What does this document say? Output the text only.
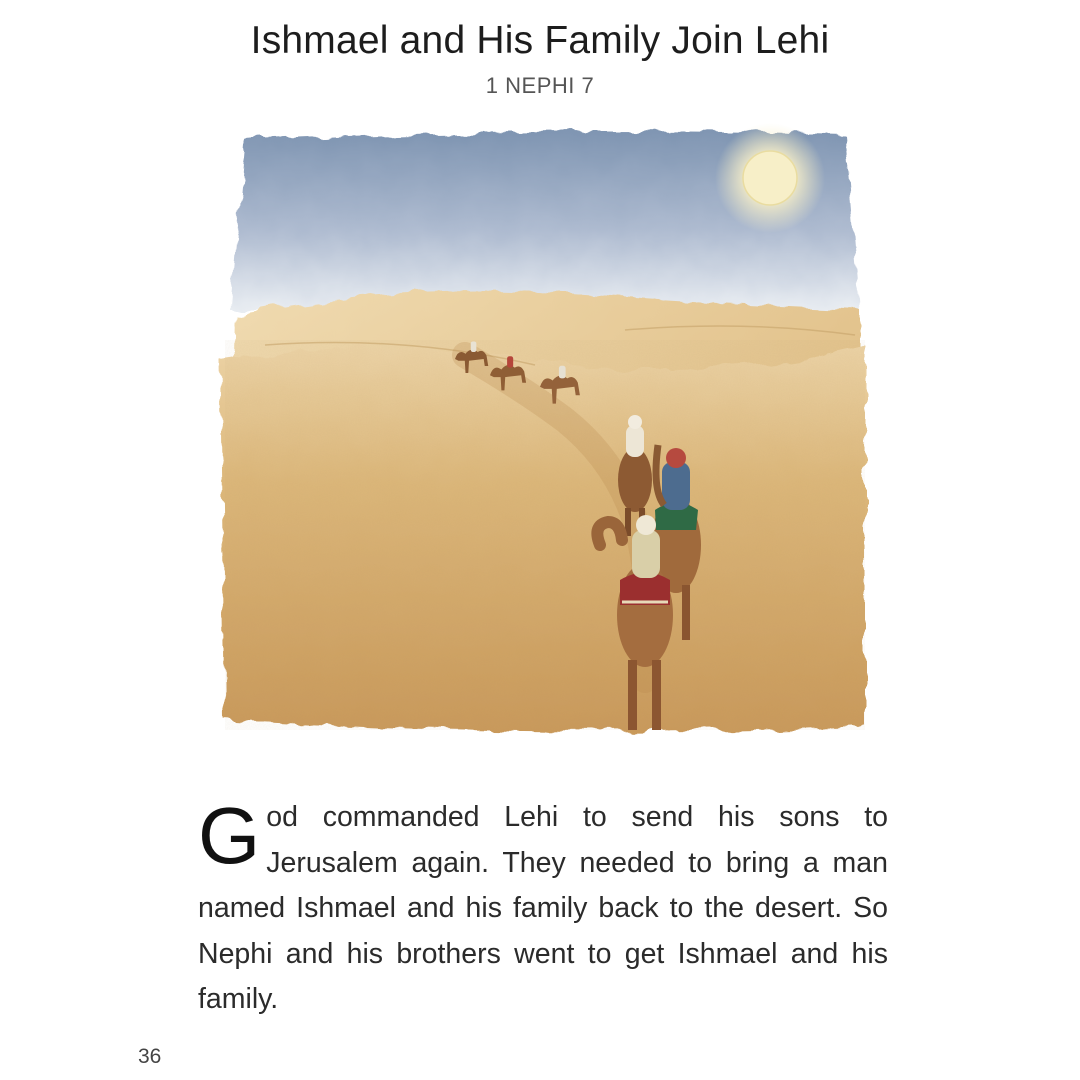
Ishmael and His Family Join Lehi
1 NEPHI 7
God commanded Lehi to send his sons to Jerusalem again. They needed to bring a man named Ishmael and his family back to the desert. So Nephi and his brothers went to get Ishmael and his family.
36
